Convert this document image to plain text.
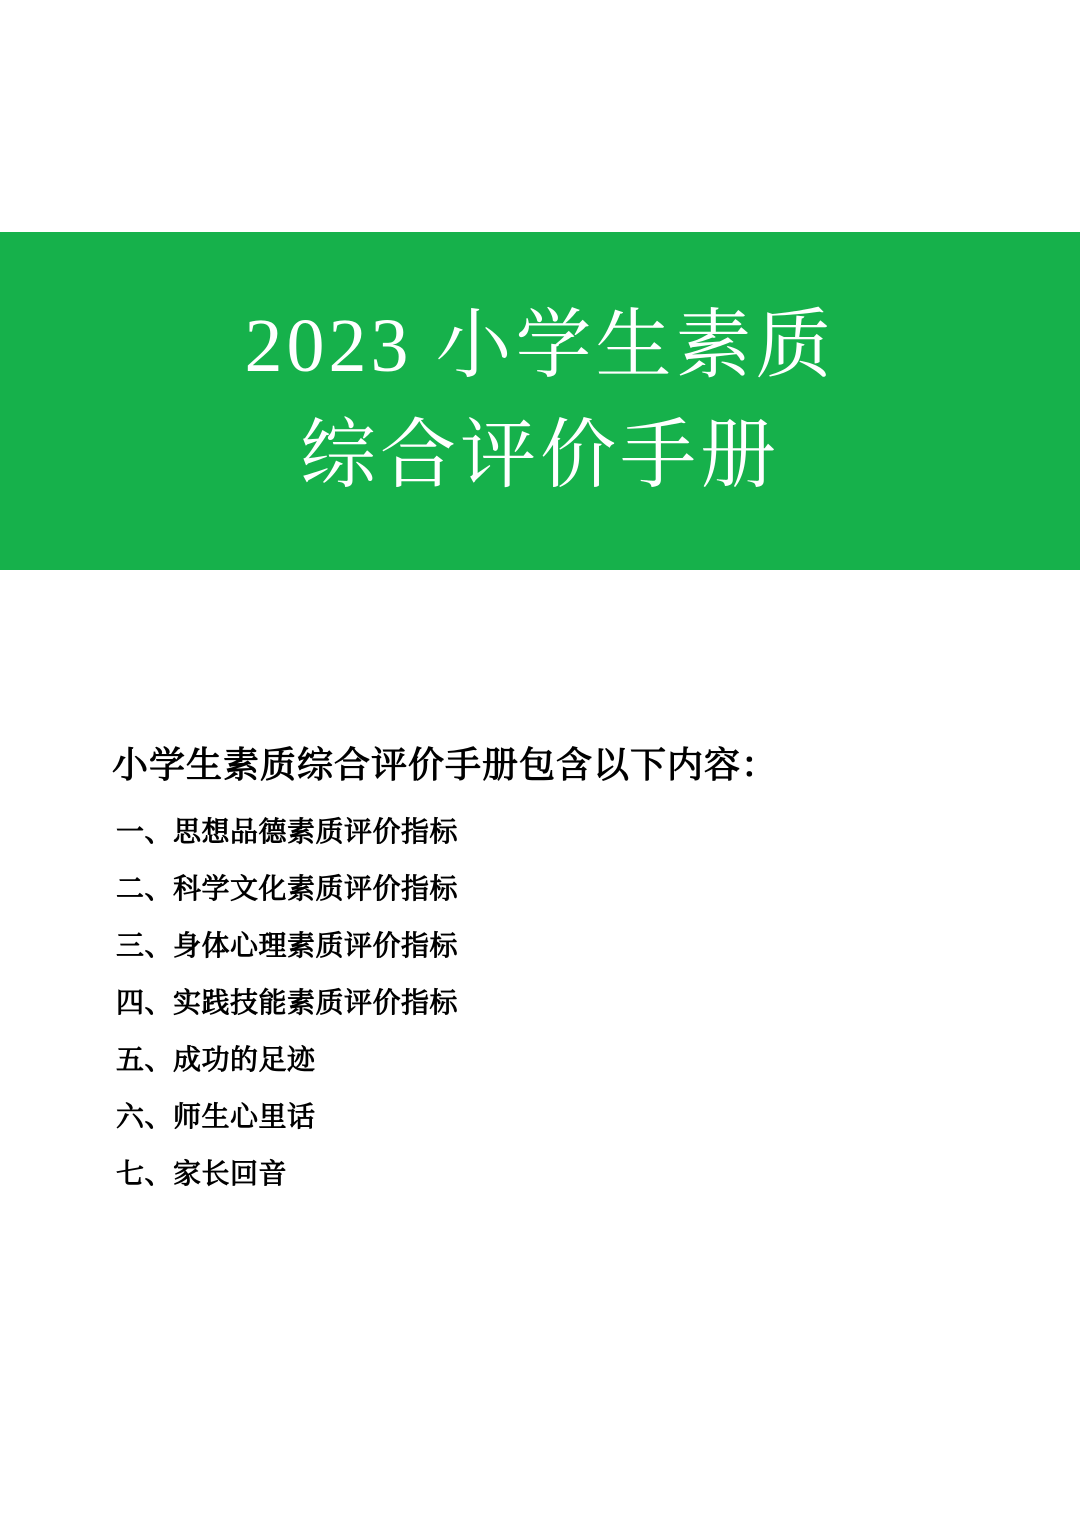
2023 小学生素质
综合评价手册
小学生素质综合评价手册包含以下内容：
一、思想品德素质评价指标
二、科学文化素质评价指标
三、身体心理素质评价指标
四、实践技能素质评价指标
五、成功的足迹
六、师生心里话
七、家长回音
